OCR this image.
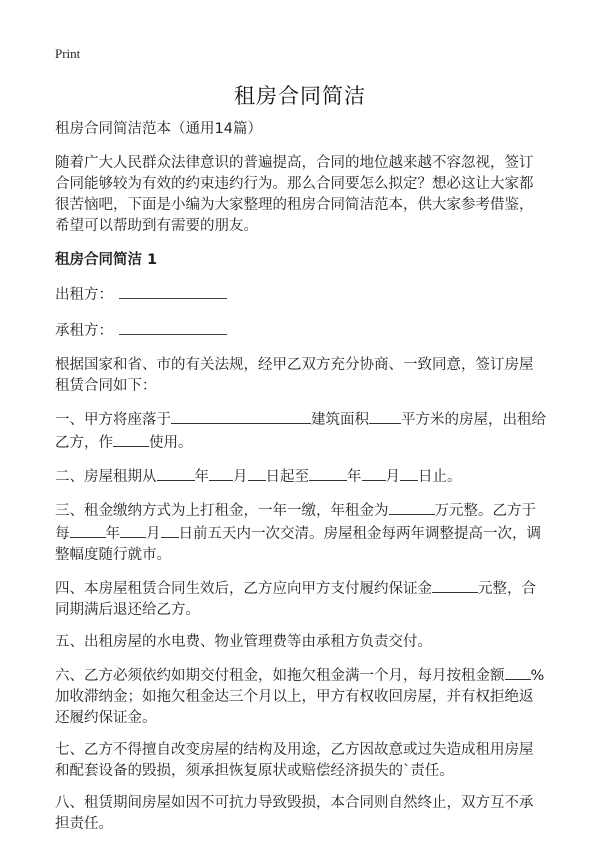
Print
租房合同简洁

租房合同简洁范本（通用14篇）

随着广大人民群众法律意识的普遍提高，合同的地位越来越不容忽视，签订合同能够较为有效的约束违约行为。那么合同要怎么拟定？想必这让大家都很苦恼吧，下面是小编为大家整理的租房合同简洁范本，供大家参考借鉴，希望可以帮助到有需要的朋友。

租房合同简洁 1

出租方：

承租方：

根据国家和省、市的有关法规，经甲乙双方充分协商、一致同意，签订房屋租赁合同如下：

一、甲方将座落于	建筑面积 平方米的房屋，出租给乙方，作 使用。

二、房屋租期从	年 月 日起至	年 月 日止。

三、租金缴纳方式为上打租金，一年一缴，年租金为	万元整。乙方于每 年 月 日前五天内一次交清。房屋租金每两年调整提高一次，调整幅度随行就市。

四、本房屋租赁合同生效后，乙方应向甲方支付履约保证金	元整，合同期满后退还给乙方。

五、出租房屋的水电费、物业管理费等由承租方负责交付。

六、乙方必须依约如期交付租金，如拖欠租金满一个月，每月按租金额 %加收滞纳金；如拖欠租金达三个月以上，甲方有权收回房屋，并有权拒绝返还履约保证金。

七、乙方不得擅自改变房屋的结构及用途，乙方因故意或过失造成租用房屋和配套设备的毁损，须承担恢复原状或赔偿经济损失的`责任。

八、租赁期间房屋如因不可抗力导致毁损，本合同则自然终止，双方互不承担责任。
